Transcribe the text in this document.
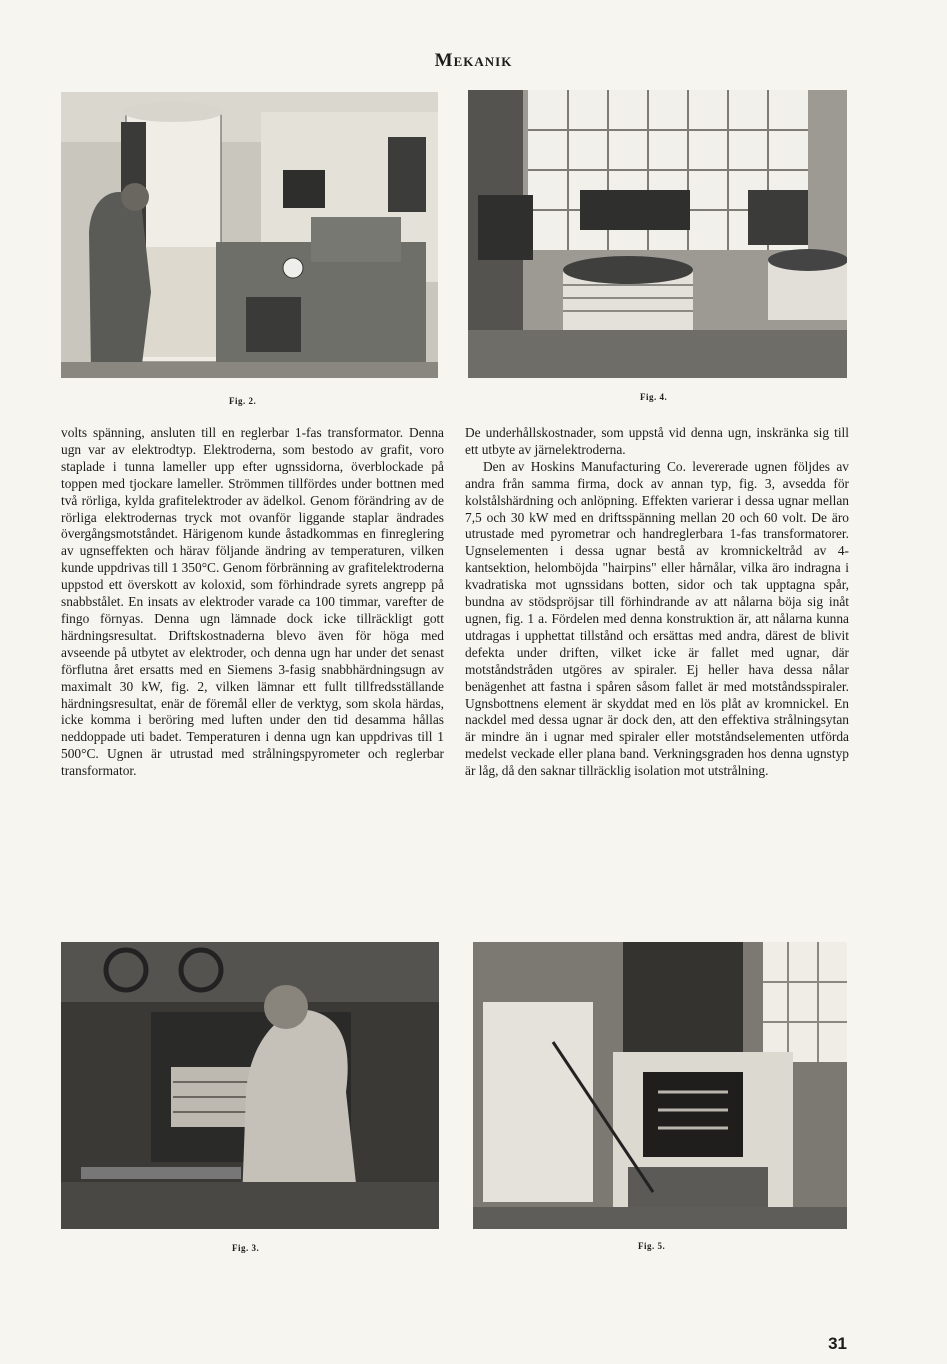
Mekanik
Fig. 2.	Fig. 4.

volts spänning, ansluten till en reglerbar 1-fas transformator. Denna ugn var av elektrodtyp. Elektroderna, som bestodo av grafit, voro staplade i tunna lameller upp efter ugnssidorna, överblockade på toppen med tjockare lameller. Strömmen tillfördes under bottnen med två rörliga, kylda grafitelektroder av ädelkol. Genom förändring av de rörliga elektrodernas tryck mot ovanför liggande staplar ändrades övergångsmotståndet. Härigenom kunde åstadkommas en finreglering av ugnseffekten och härav följande ändring av temperaturen, vilken kunde uppdrivas till 1 350°C. Genom förbränning av grafitelektroderna uppstod ett överskott av koloxid, som förhindrade syrets angrepp på snabbstålet. En insats av elektroder varade ca 100 timmar, varefter de fingo förnyas. Denna ugn lämnade dock icke tillräckligt gott härdningsresultat. Driftskostnaderna blevo även för höga med avseende på utbytet av elektroder, och denna ugn har under det senast förflutna året ersatts med en Siemens 3-fasig snabbhärdningsugn av maximalt 30 kW, fig. 2, vilken lämnar ett fullt tillfredsställande härdningsresultat, enär de föremål eller de verktyg, som skola härdas, icke komma i beröring med luften under den tid desamma hållas neddoppade uti badet. Temperaturen i denna ugn kan uppdrivas till 1 500°C. Ugnen är utrustad med strålningspyrometer och reglerbar transformator.

De underhållskostnader, som uppstå vid denna ugn, inskränka sig till ett utbyte av järnelektroderna.

Den av Hoskins Manufacturing Co. levererade ugnen följdes av andra från samma firma, dock av annan typ, fig. 3, avsedda för kolstålshärdning och anlöpning. Effekten varierar i dessa ugnar mellan 7,5 och 30 kW med en driftsspänning mellan 20 och 60 volt. De äro utrustade med pyrometrar och handreglerbara 1-fas transformatorer. Ugnselementen i dessa ugnar bestå av kromnickeltråd av 4-kantsektion, helomböjda "hairpins" eller hårnålar, vilka äro indragna i kvadratiska mot ugnssidans botten, sidor och tak upptagna spår, bundna av stödspröjsar till förhindrande av att nålarna böja sig inåt ugnen, fig. 1 a. Fördelen med denna konstruktion är, att nålarna kunna utdragas i upphettat tillstånd och ersättas med andra, därest de blivit defekta under driften, vilket icke är fallet med ugnar, där motståndstråden utgöres av spiraler. Ej heller hava dessa nålar benägenhet att fastna i spåren såsom fallet är med motståndsspiraler. Ugnsbottnens element är skyddat med en lös plåt av kromnickel. En nackdel med dessa ugnar är dock den, att den effektiva strålningsytan är mindre än i ugnar med spiraler eller motståndselementen utförda medelst veckade eller plana band. Verkningsgraden hos denna ugnstyp är låg, då den saknar tillräcklig isolation mot utstrålning.

Fig. 3.	Fig. 5.
31
